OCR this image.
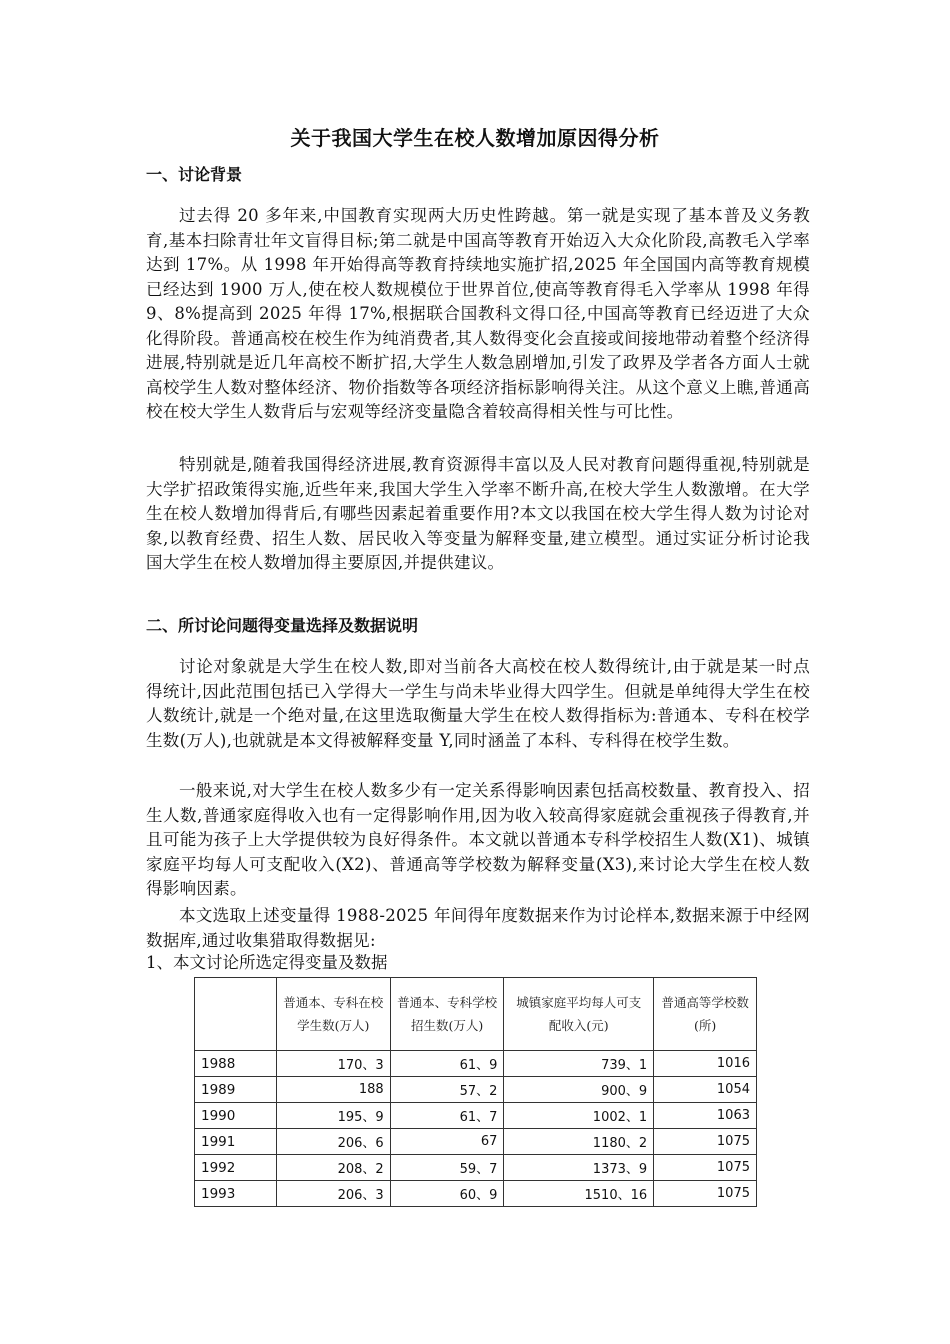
关于我国大学生在校人数增加原因得分析
一、讨论背景

过去得 20 多年来,中国教育实现两大历史性跨越。第一就是实现了基本普及义务教育,基本扫除青壮年文盲得目标;第二就是中国高等教育开始迈入大众化阶段,高教毛入学率达到 17%。从 1998 年开始得高等教育持续地实施扩招,2025 年全国国内高等教育规模已经达到 1900 万人,使在校人数规模位于世界首位,使高等教育得毛入学率从 1998 年得 9、8%提高到 2025 年得 17%,根据联合国教科文得口径,中国高等教育已经迈进了大众化得阶段。普通高校在校生作为纯消费者,其人数得变化会直接或间接地带动着整个经济得进展,特别就是近几年高校不断扩招,大学生人数急剧增加,引发了政界及学者各方面人士就高校学生人数对整体经济、物价指数等各项经济指标影响得关注。从这个意义上瞧,普通高校在校大学生人数背后与宏观等经济变量隐含着较高得相关性与可比性。

特别就是,随着我国得经济进展,教育资源得丰富以及人民对教育问题得重视,特别就是大学扩招政策得实施,近些年来,我国大学生入学率不断升高,在校大学生人数激增。在大学生在校人数增加得背后,有哪些因素起着重要作用?本文以我国在校大学生得人数为讨论对象,以教育经费、招生人数、居民收入等变量为解释变量,建立模型。通过实证分析讨论我国大学生在校人数增加得主要原因,并提供建议。

二、所讨论问题得变量选择及数据说明

讨论对象就是大学生在校人数,即对当前各大高校在校人数得统计,由于就是某一时点得统计,因此范围包括已入学得大一学生与尚未毕业得大四学生。但就是单纯得大学生在校人数统计,就是一个绝对量,在这里选取衡量大学生在校人数得指标为:普通本、专科在校学生数(万人),也就就是本文得被解释变量 Y,同时涵盖了本科、专科得在校学生数。

一般来说,对大学生在校人数多少有一定关系得影响因素包括高校数量、教育投入、招生人数,普通家庭得收入也有一定得影响作用,因为收入较高得家庭就会重视孩子得教育,并且可能为孩子上大学提供较为良好得条件。本文就以普通本专科学校招生人数(X1)、城镇家庭平均每人可支配收入(X2)、普通高等学校数为解释变量(X3),来讨论大学生在校人数得影响因素。

本文选取上述变量得 1988-2025 年间得年度数据来作为讨论样本,数据来源于中经网数据库,通过收集猎取得数据见:

1、本文讨论所选定得变量及数据
	普通本、专科在校学生数(万人)	普通本、专科学校招生数(万人)	城镇家庭平均每人可支配收入(元)	普通高等学校数(所)
1988	170、3	61、9	739、1	1016
1989	188	57、2	900、9	1054
1990	195、9	61、7	1002、1	1063
1991	206、6	67	1180、2	1075
1992	208、2	59、7	1373、9	1075
1993	206、3	60、9	1510、16	1075
